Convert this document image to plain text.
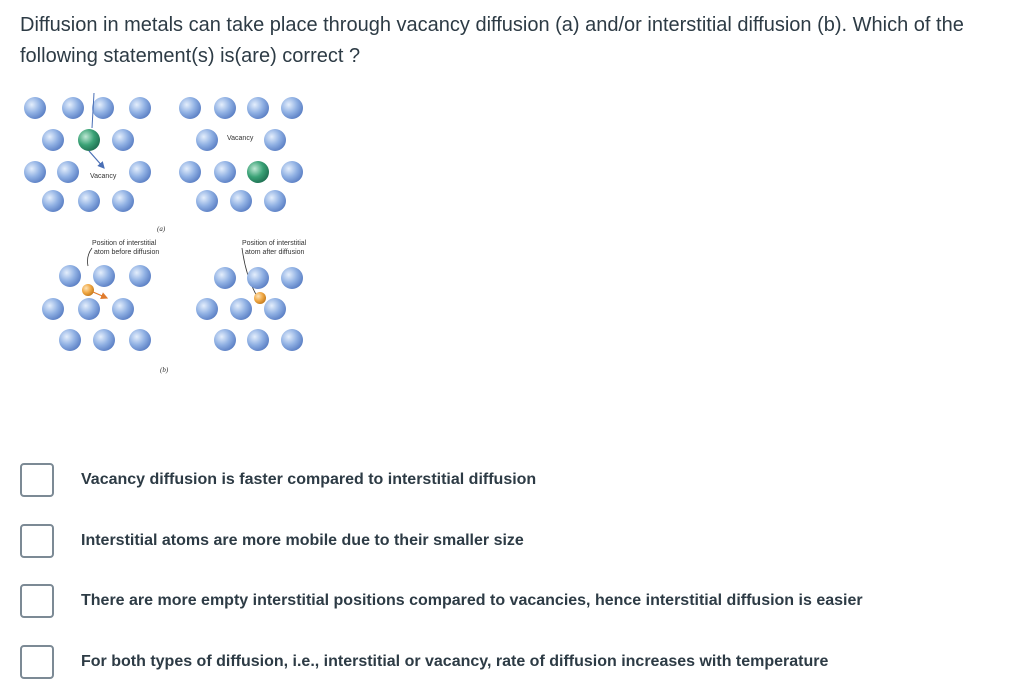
Diffusion in metals can take place through vacancy diffusion (a) and/or interstitial diffusion (b). Which of the following statement(s) is(are) correct ?
Vacancy
Vacancy
(a)
Position of interstitial
atom before diffusion
Position of interstitial
atom after diffusion
(b)
Vacancy diffusion is faster compared to interstitial diffusion
Interstitial atoms are more mobile due to their smaller size
There are more empty interstitial positions compared to vacancies, hence interstitial diffusion is easier
For both types of diffusion, i.e., interstitial or vacancy, rate of diffusion increases with temperature
